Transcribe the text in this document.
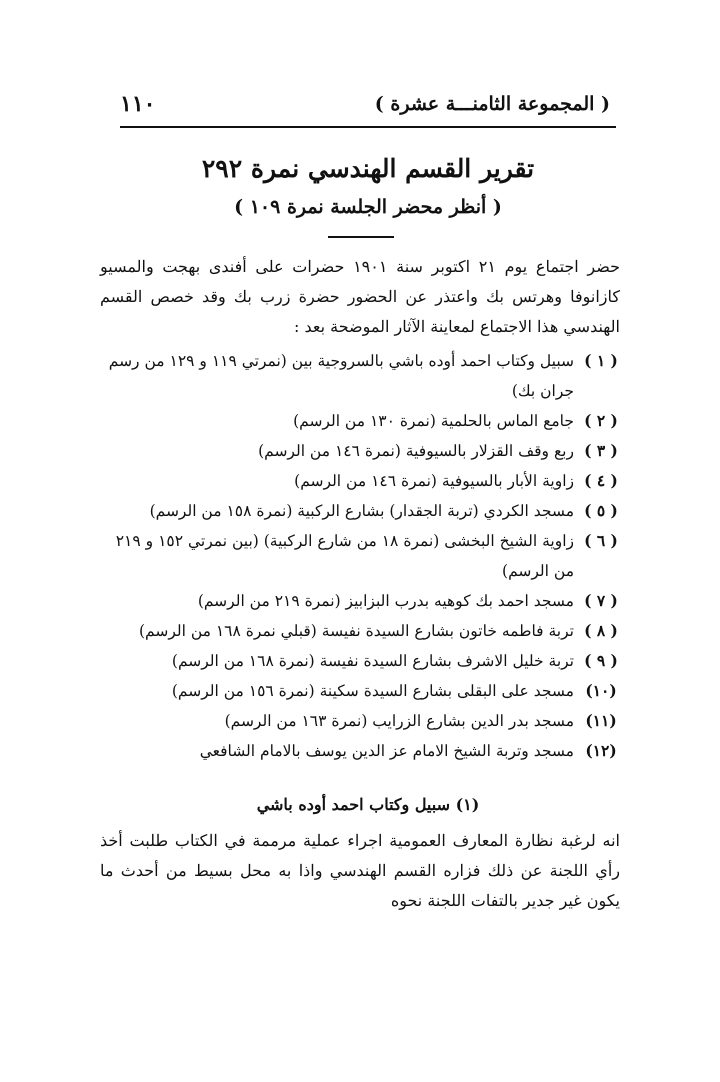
( المجموعة الثامنـــة عشرة )
١١٠
تقرير القسم الهندسي نمرة ٢٩٢
( أنظر محضر الجلسة نمرة ١٠٩ )

حضر اجتماع يوم ٢١ اكتوبر سنة ١٩٠١ حضرات على أفندى بهجت والمسيو كازانوفا وهرتس بك واعتذر عن الحضور حضرة زرب بك وقد خصص القسم الهندسي هذا الاجتماع لمعاينة الآثار الموضحة بعد :

( ١ )
سبيل وكتاب احمد أوده باشي بالسروجية بين (نمرتي ١١٩ و ١٢٩ من رسم جران بك)
( ٢ )
جامع الماس بالحلمية (نمرة ١٣٠ من الرسم)
( ٣ )
ربع وقف القزلار بالسيوفية (نمرة ١٤٦ من الرسم)
( ٤ )
زاوية الأبار بالسيوفية (نمرة ١٤٦ من الرسم)
( ٥ )
مسجد الكردي (تربة الجقدار) بشارع الركبية (نمرة ١٥٨ من الرسم)
( ٦ )
زاوية الشيخ البخشى (نمرة ١٨ من شارع الركبية) (بين نمرتي ١٥٢ و ٢١٩ من الرسم)
( ٧ )
مسجد احمد بك كوهيه بدرب البزابيز (نمرة ٢١٩ من الرسم)
( ٨ )
تربة فاطمه خاتون بشارع السيدة نفيسة (قبلي نمرة ١٦٨ من الرسم)
( ٩ )
تربة خليل الاشرف بشارع السيدة نفيسة (نمرة ١٦٨ من الرسم)
(١٠)
مسجد على البقلى بشارع السيدة سكينة (نمرة ١٥٦ من الرسم)
(١١)
مسجد بدر الدين بشارع الزرايب (نمرة ١٦٣ من الرسم)
(١٢)
مسجد وتربة الشيخ الامام عز الدين يوسف بالامام الشافعي
(١) سبيل وكتاب احمد أوده باشي

انه لرغبة نظارة المعارف العمومية اجراء عملية مرممة في الكتاب طلبت أخذ رأي اللجنة عن ذلك فزاره القسم الهندسي واذا به محل بسيط من أحدث ما يكون غير جدير بالتفات اللجنة نحوه
